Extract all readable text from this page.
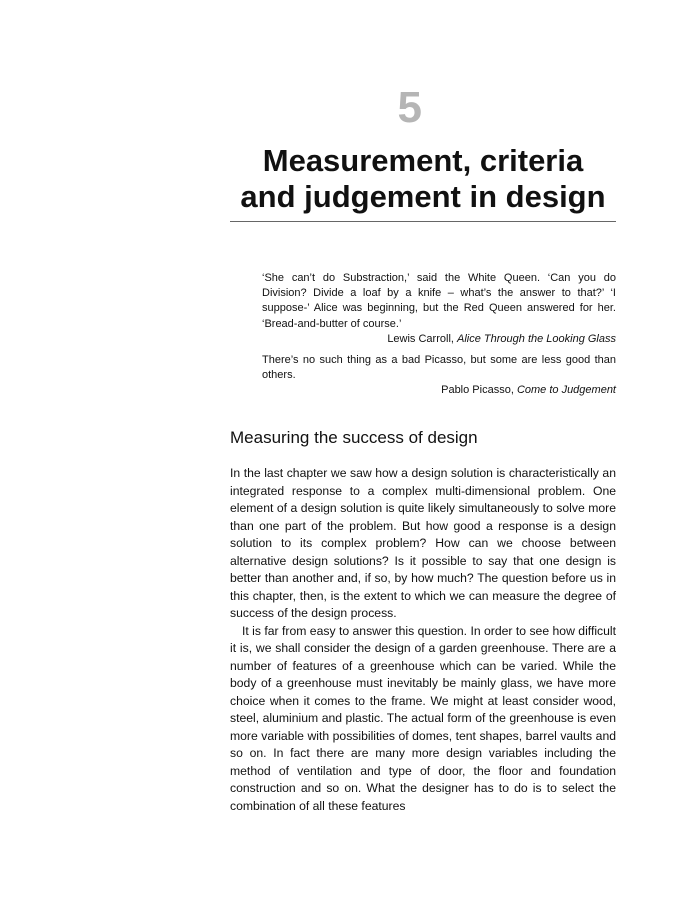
5
Measurement, criteria
and judgement in design

‘She can’t do Substraction,’ said the White Queen. ‘Can you do Division? Divide a loaf by a knife – what’s the answer to that?’ ‘I suppose-’ Alice was beginning, but the Red Queen answered for her. ‘Bread-and-butter of course.’

Lewis Carroll, Alice Through the Looking Glass

There’s no such thing as a bad Picasso, but some are less good than others.

Pablo Picasso, Come to Judgement

Measuring the success of design

In the last chapter we saw how a design solution is characteristically an integrated response to a complex multi-dimensional problem. One element of a design solution is quite likely simultaneously to solve more than one part of the problem. But how good a response is a design solution to its complex problem? How can we choose between alternative design solutions? Is it possible to say that one design is better than another and, if so, by how much? The question before us in this chapter, then, is the extent to which we can measure the degree of success of the design process.

It is far from easy to answer this question. In order to see how difficult it is, we shall consider the design of a garden greenhouse. There are a number of features of a greenhouse which can be varied. While the body of a greenhouse must inevitably be mainly glass, we have more choice when it comes to the frame. We might at least consider wood, steel, aluminium and plastic. The actual form of the greenhouse is even more variable with possibilities of domes, tent shapes, barrel vaults and so on. In fact there are many more design variables including the method of ventilation and type of door, the floor and foundation construction and so on. What the designer has to do is to select the combination of all these features
